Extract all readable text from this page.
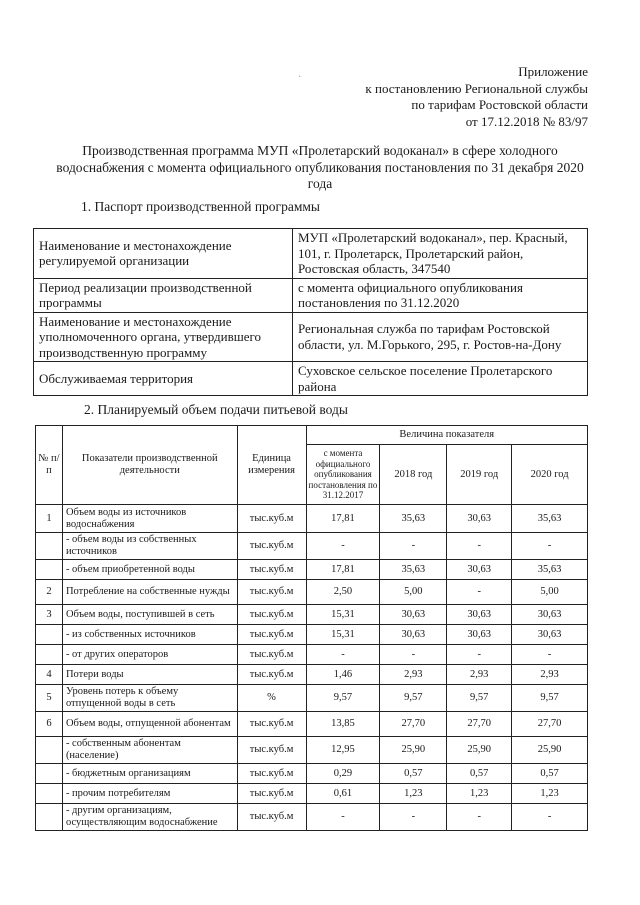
Приложение
к постановлению Региональной службы
по тарифам Ростовской области
от 17.12.2018 № 83/97
Производственная программа МУП «Пролетарский водоканал» в сфере холодного
водоснабжения с момента официального опубликования постановления по 31 декабря 2020
года
1. Паспорт производственной программы
Наименование и местонахождение регулируемой организации	МУП «Пролетарский водоканал», пер. Красный, 101, г. Пролетарск, Пролетарский район, Ростовская область, 347540
Период реализации производственной программы	с момента официального опубликования постановления по 31.12.2020
Наименование и местонахождение уполномоченного органа, утвердившего производственную программу	Региональная служба по тарифам Ростовской области, ул. М.Горького, 295, г. Ростов-на-Дону
Обслуживаемая территория	Суховское сельское поселение Пролетарского района
2. Планируемый объем подачи питьевой воды
№ п/п	Показатели производственной деятельности	Единица измерения	Величина показателя			
			с момента официального опубликования постановления по 31.12.2017	2018 год	2019 год	2020 год
1	Объем воды из источников водоснабжения	тыс.куб.м	17,81	35,63	30,63	35,63
	- объем воды из собственных источников	тыс.куб.м	-	-	-	-
	- объем приобретенной воды	тыс.куб.м	17,81	35,63	30,63	35,63
2	Потребление на собственные нужды	тыс.куб.м	2,50	5,00	-	5,00
3	Объем воды, поступившей в сеть	тыс.куб.м	15,31	30,63	30,63	30,63
	- из собственных источников	тыс.куб.м	15,31	30,63	30,63	30,63
	- от других операторов	тыс.куб.м	-	-	-	-
4	Потери воды	тыс.куб.м	1,46	2,93	2,93	2,93
5	Уровень потерь к объему отпущенной воды в сеть	%	9,57	9,57	9,57	9,57
6	Объем воды, отпущенной абонентам	тыс.куб.м	13,85	27,70	27,70	27,70
	- собственным абонентам (население)	тыс.куб.м	12,95	25,90	25,90	25,90
	- бюджетным организациям	тыс.куб.м	0,29	0,57	0,57	0,57
	- прочим потребителям	тыс.куб.м	0,61	1,23	1,23	1,23
	- другим организациям, осуществляющим водоснабжение	тыс.куб.м	-	-	-	-
·
